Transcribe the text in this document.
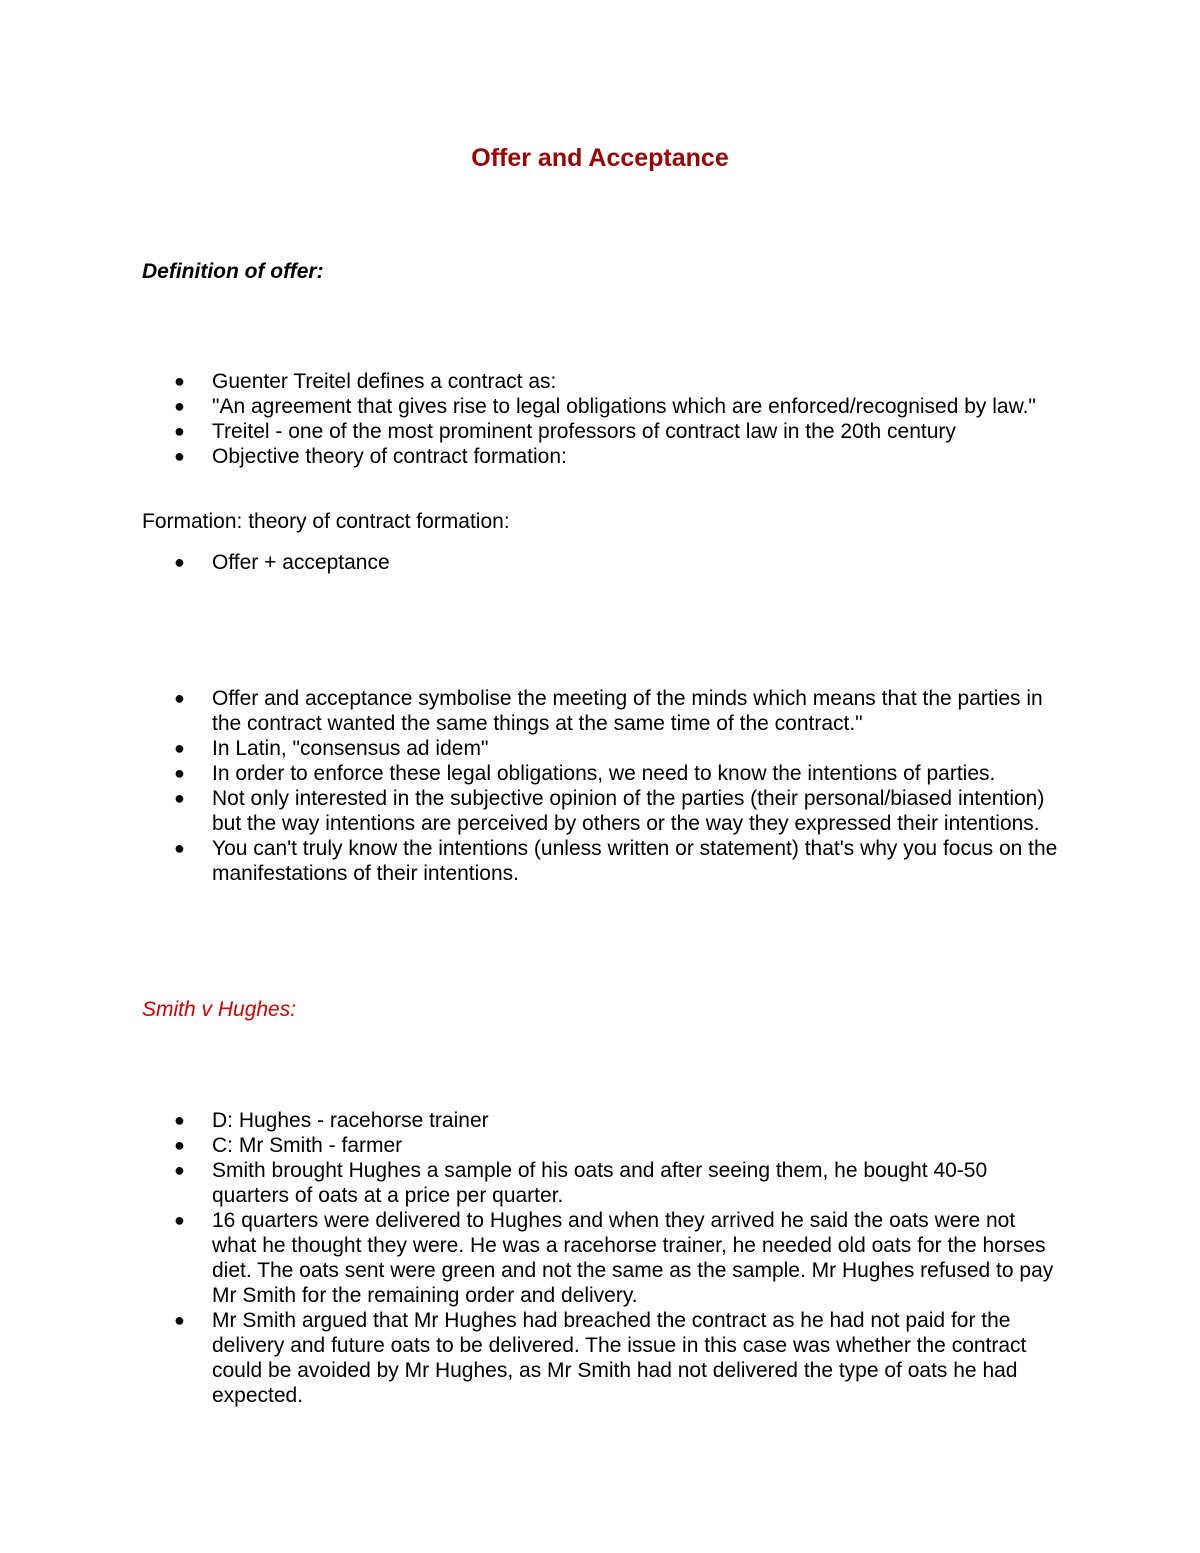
Offer and Acceptance
Definition of offer:
● Guenter Treitel defines a contract as:
● "An agreement that gives rise to legal obligations which are enforced/recognised by law."
● Treitel - one of the most prominent professors of contract law in the 20th century
● Objective theory of contract formation:
Formation: theory of contract formation:
● Offer + acceptance
● Offer and acceptance symbolise the meeting of the minds which means that the parties in the contract wanted the same things at the same time of the contract."
● In Latin, "consensus ad idem"
● In order to enforce these legal obligations, we need to know the intentions of parties.
● Not only interested in the subjective opinion of the parties (their personal/biased intention) but the way intentions are perceived by others or the way they expressed their intentions.
● You can't truly know the intentions (unless written or statement) that's why you focus on the manifestations of their intentions.
Smith v Hughes:
● D: Hughes - racehorse trainer
● C: Mr Smith - farmer
● Smith brought Hughes a sample of his oats and after seeing them, he bought 40-50 quarters of oats at a price per quarter.
● 16 quarters were delivered to Hughes and when they arrived he said the oats were not what he thought they were. He was a racehorse trainer, he needed old oats for the horses diet. The oats sent were green and not the same as the sample. Mr Hughes refused to pay Mr Smith for the remaining order and delivery.
● Mr Smith argued that Mr Hughes had breached the contract as he had not paid for the delivery and future oats to be delivered. The issue in this case was whether the contract could be avoided by Mr Hughes, as Mr Smith had not delivered the type of oats he had expected.
